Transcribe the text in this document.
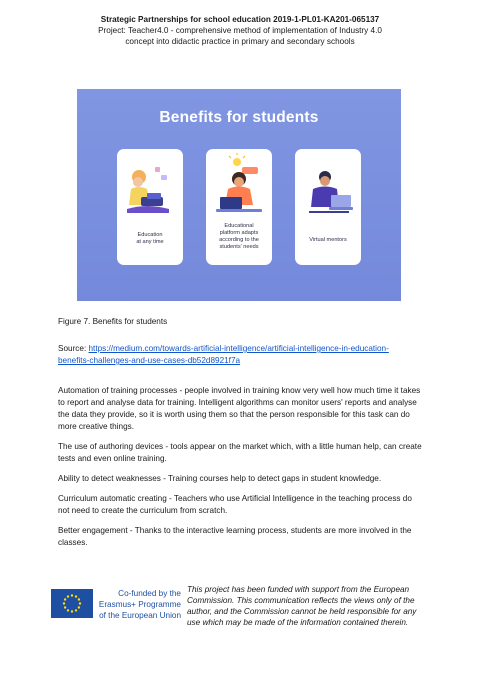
Strategic Partnerships for school education 2019-1-PL01-KA201-065137
Project: Teacher4.0 - comprehensive method of implementation of Industry 4.0
concept into didactic practice in primary and secondary schools
Benefits for students
Education
at any time
Educational
platform adapts
according to the
students' needs
Virtual mentors
Figure 7. Benefits for students
Source: https://medium.com/towards-artificial-intelligence/artificial-intelligence-in-education-
benefits-challenges-and-use-cases-db52d8921f7a
Automation of training processes - people involved in training know very well how much time it takes
to report and analyse data for training. Intelligent algorithms can monitor users' reports and analyse
the data they provide, so it is worth using them so that the person responsible for this task can do
more creative things.
The use of authoring devices - tools appear on the market which, with a little human help, can create
tests and even online training.
Ability to detect weaknesses - Training courses help to detect gaps in student knowledge.
Curriculum automatic creating - Teachers who use Artificial Intelligence in the teaching process do
not need to create the curriculum from scratch.
Better engagement - Thanks to the interactive learning process, students are more involved in the
classes.
Co-funded by the
Erasmus+ Programme
of the European Union
This project has been funded with support from the European
Commission. This communication reflects the views only of the
author, and the Commission cannot be held responsible for any
use which may be made of the information contained therein.
